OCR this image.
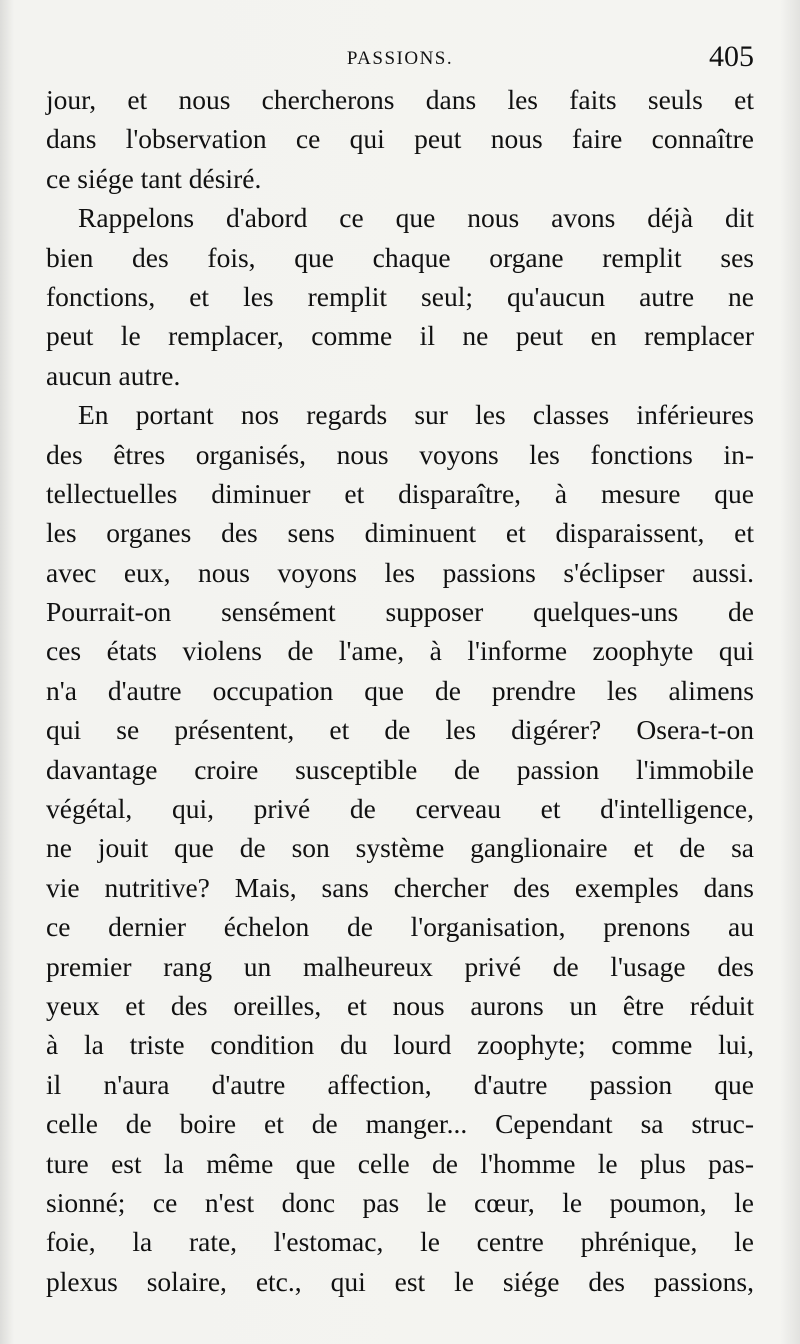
PASSIONS.	405
jour, et nous chercherons dans les faits seuls et
dans l'observation ce qui peut nous faire connaître
ce siége tant désiré.
Rappelons d'abord ce que nous avons déjà dit
bien des fois, que chaque organe remplit ses
fonctions, et les remplit seul; qu'aucun autre ne
peut le remplacer, comme il ne peut en remplacer
aucun autre.
En portant nos regards sur les classes inférieures
des êtres organisés, nous voyons les fonctions in-
tellectuelles diminuer et disparaître, à mesure que
les organes des sens diminuent et disparaissent, et
avec eux, nous voyons les passions s'éclipser aussi.
Pourrait-on sensément supposer quelques-uns de
ces états violens de l'ame, à l'informe zoophyte qui
n'a d'autre occupation que de prendre les alimens
qui se présentent, et de les digérer? Osera-t-on
davantage croire susceptible de passion l'immobile
végétal, qui, privé de cerveau et d'intelligence,
ne jouit que de son système ganglionaire et de sa
vie nutritive? Mais, sans chercher des exemples dans
ce dernier échelon de l'organisation, prenons au
premier rang un malheureux privé de l'usage des
yeux et des oreilles, et nous aurons un être réduit
à la triste condition du lourd zoophyte; comme lui,
il n'aura d'autre affection, d'autre passion que
celle de boire et de manger... Cependant sa struc-
ture est la même que celle de l'homme le plus pas-
sionné; ce n'est donc pas le cœur, le poumon, le
foie, la rate, l'estomac, le centre phrénique, le
plexus solaire, etc., qui est le siége des passions,
